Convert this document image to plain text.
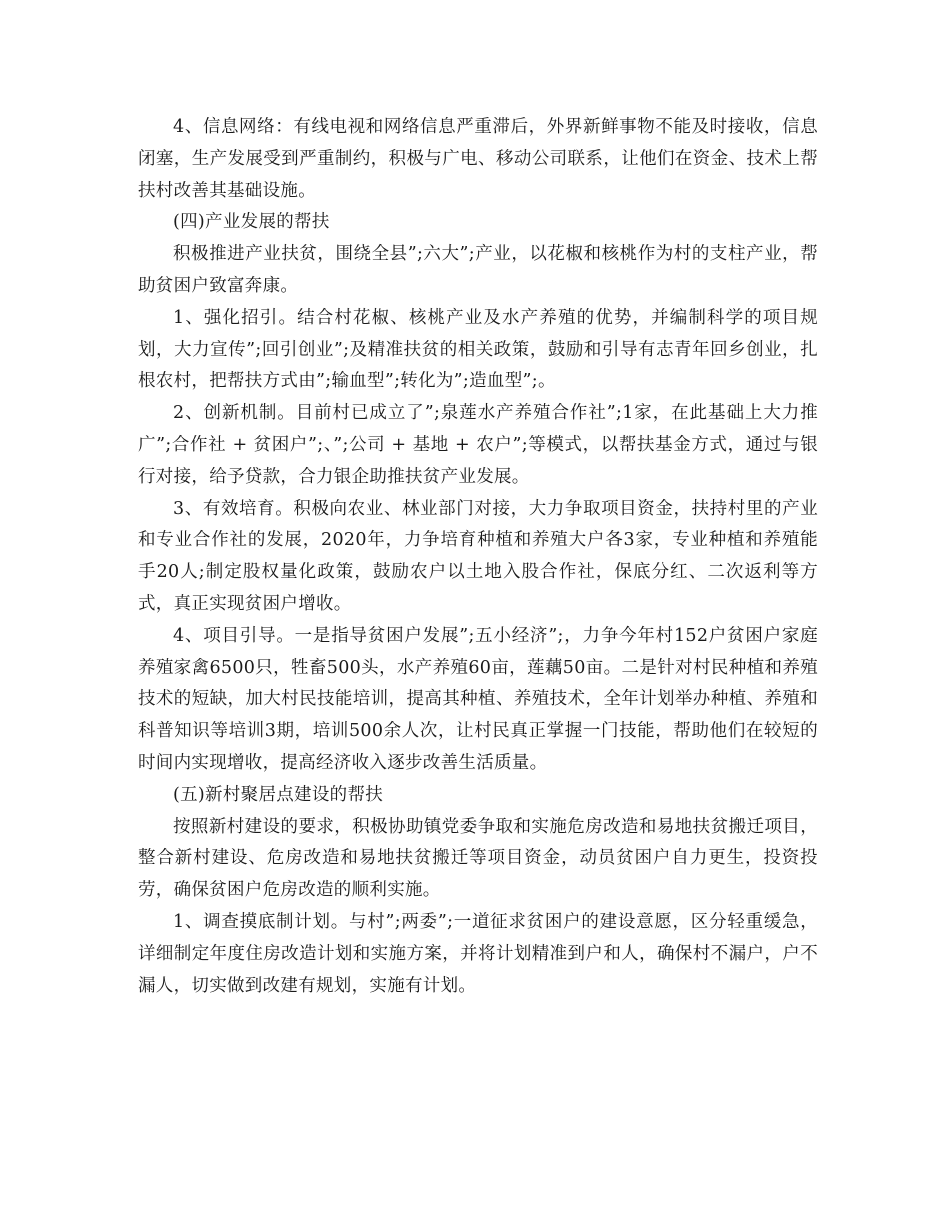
4、信息网络：有线电视和网络信息严重滞后，外界新鲜事物不能及时接收，信息闭塞，生产发展受到严重制约，积极与广电、移动公司联系，让他们在资金、技术上帮扶村改善其基础设施。

(四)产业发展的帮扶

积极推进产业扶贫，围绕全县”;六大”;产业，以花椒和核桃作为村的支柱产业，帮助贫困户致富奔康。

1、强化招引。结合村花椒、核桃产业及水产养殖的优势，并编制科学的项目规划，大力宣传”;回引创业”;及精准扶贫的相关政策，鼓励和引导有志青年回乡创业，扎根农村，把帮扶方式由”;输血型”;转化为”;造血型”;。

2、创新机制。目前村已成立了”;泉莲水产养殖合作社”;1家，在此基础上大力推广”;合作社 + 贫困户”;、”;公司 + 基地 + 农户”;等模式，以帮扶基金方式，通过与银行对接，给予贷款，合力银企助推扶贫产业发展。

3、有效培育。积极向农业、林业部门对接，大力争取项目资金，扶持村里的产业和专业合作社的发展，2020年，力争培育种植和养殖大户各3家，专业种植和养殖能手20人;制定股权量化政策，鼓励农户以土地入股合作社，保底分红、二次返利等方式，真正实现贫困户增收。

4、项目引导。一是指导贫困户发展”;五小经济”;，力争今年村152户贫困户家庭养殖家禽6500只，牲畜500头，水产养殖60亩，莲藕50亩。二是针对村民种植和养殖技术的短缺，加大村民技能培训，提高其种植、养殖技术，全年计划举办种植、养殖和科普知识等培训3期，培训500余人次，让村民真正掌握一门技能，帮助他们在较短的时间内实现增收，提高经济收入逐步改善生活质量。

(五)新村聚居点建设的帮扶

按照新村建设的要求，积极协助镇党委争取和实施危房改造和易地扶贫搬迁项目，整合新村建设、危房改造和易地扶贫搬迁等项目资金，动员贫困户自力更生，投资投劳，确保贫困户危房改造的顺利实施。

1、调查摸底制计划。与村”;两委”;一道征求贫困户的建设意愿，区分轻重缓急，详细制定年度住房改造计划和实施方案，并将计划精准到户和人，确保村不漏户，户不漏人，切实做到改建有规划，实施有计划。
